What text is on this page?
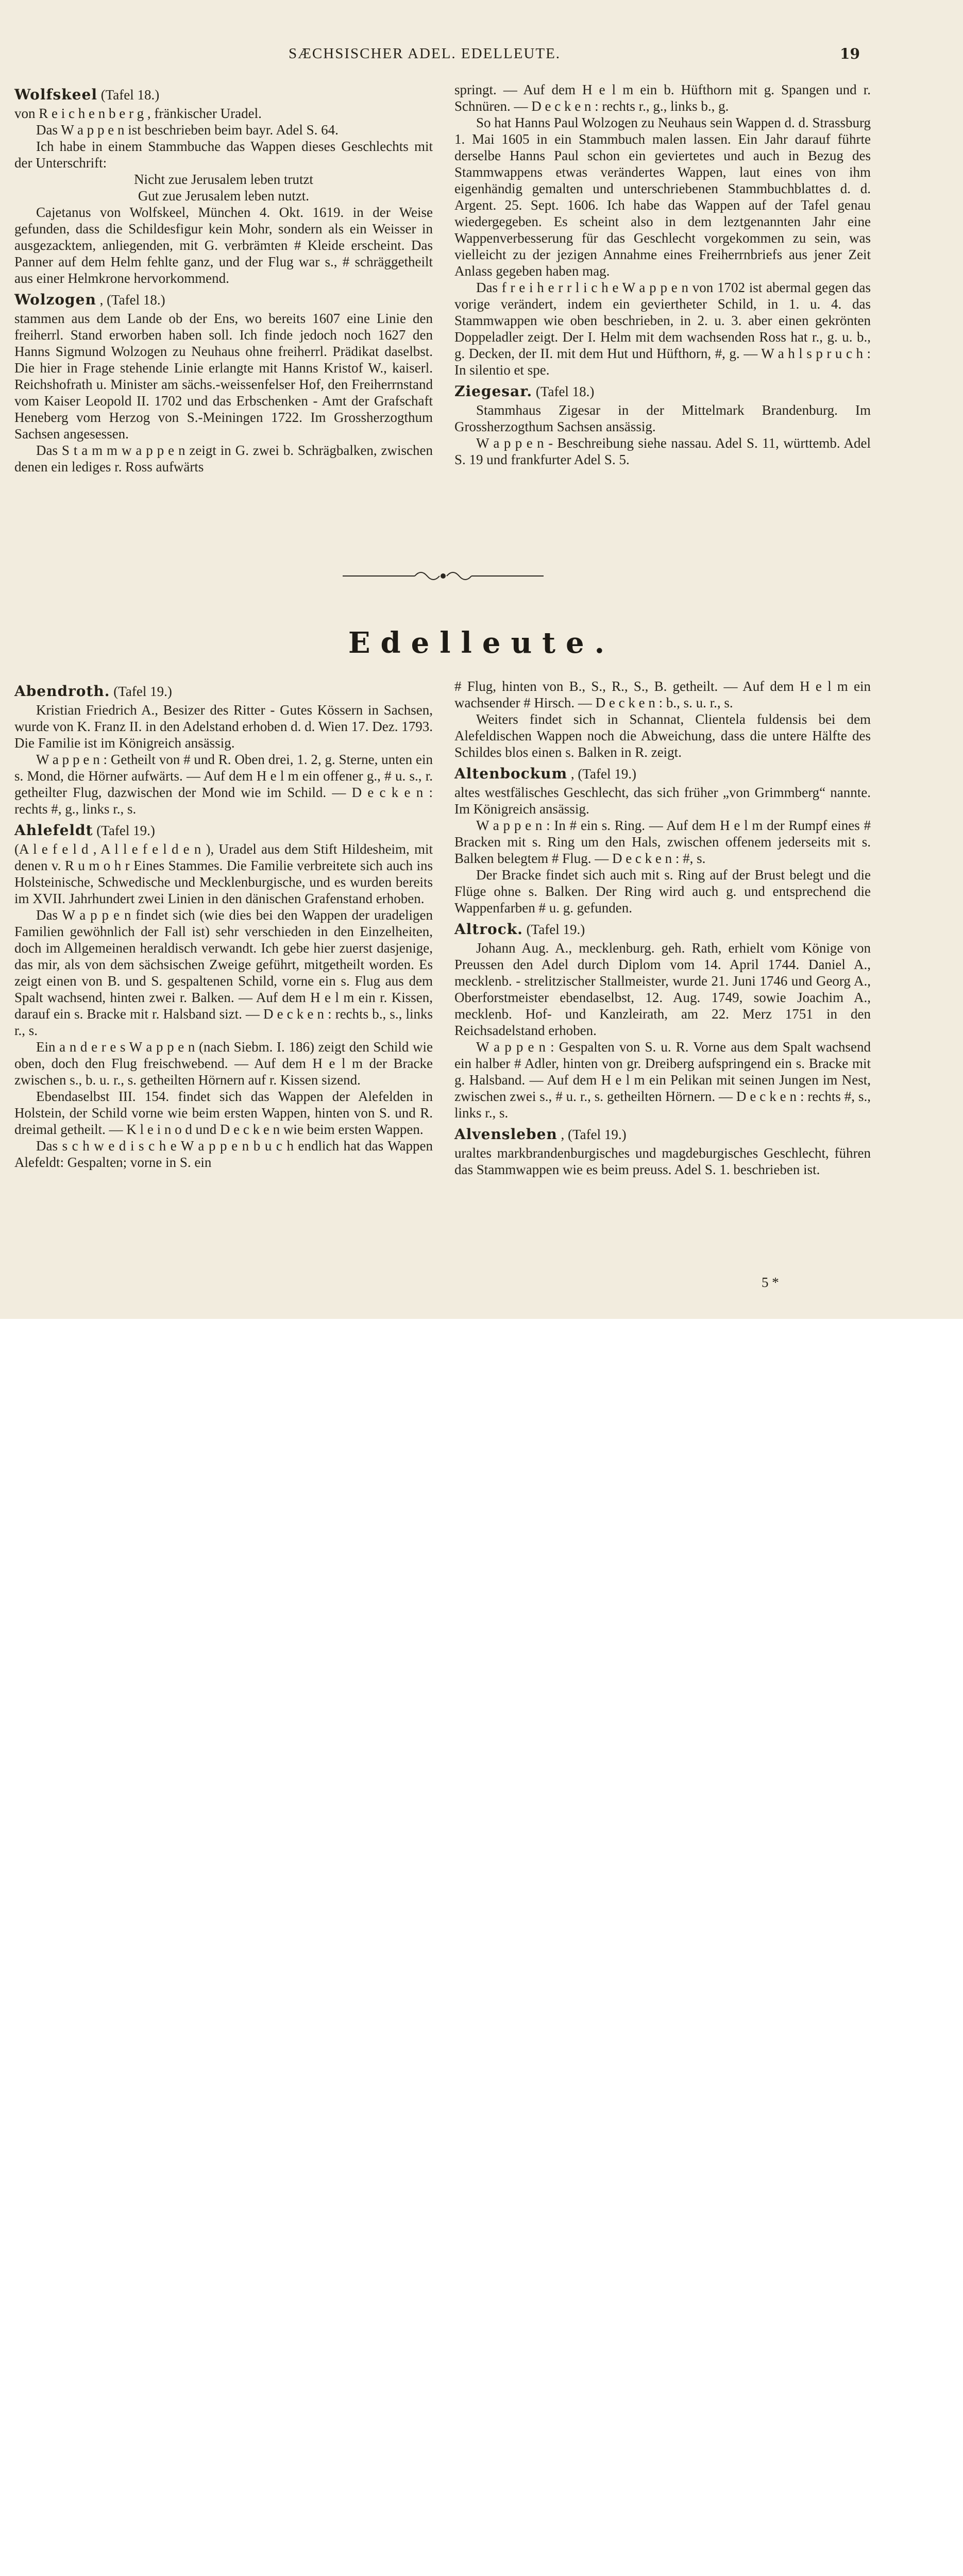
SÆCHSISCHER ADEL. EDELLEUTE.	19

Wolfskeel (Tafel 18.)

von R e i c h e n b e r g , fränkischer Uradel.

Das W a p p e n ist beschrieben beim bayr. Adel S. 64.

Ich habe in einem Stammbuche das Wappen dieses Geschlechts mit der Unterschrift:

Nicht zue Jerusalem leben trutzt

Gut zue Jerusalem leben nutzt.

Cajetanus von Wolfskeel, München 4. Okt. 1619. in der Weise gefunden, dass die Schildesfigur kein Mohr, sondern als ein Weisser in ausgezacktem, anliegenden, mit G. verbrämten # Kleide erscheint. Das Panner auf dem Helm fehlte ganz, und der Flug war s., # schräggetheilt aus einer Helmkrone hervorkommend.

Wolzogen , (Tafel 18.)

stammen aus dem Lande ob der Ens, wo bereits 1607 eine Linie den freiherrl. Stand erworben haben soll. Ich finde jedoch noch 1627 den Hanns Sigmund Wolzogen zu Neuhaus ohne freiherrl. Prädikat daselbst. Die hier in Frage stehende Linie erlangte mit Hanns Kristof W., kaiserl. Reichshofrath u. Minister am sächs.-weissenfelser Hof, den Freiherrnstand vom Kaiser Leopold II. 1702 und das Erbschenken - Amt der Grafschaft Heneberg vom Herzog von S.-Meiningen 1722. Im Grossherzogthum Sachsen angesessen.

Das S t a m m w a p p e n zeigt in G. zwei b. Schrägbalken, zwischen denen ein lediges r. Ross aufwärts

springt. — Auf dem H e l m ein b. Hüfthorn mit g. Spangen und r. Schnüren. — D e c k e n : rechts r., g., links b., g.

So hat Hanns Paul Wolzogen zu Neuhaus sein Wappen d. d. Strassburg 1. Mai 1605 in ein Stammbuch malen lassen. Ein Jahr darauf führte derselbe Hanns Paul schon ein geviertetes und auch in Bezug des Stammwappens etwas verändertes Wappen, laut eines von ihm eigenhändig gemalten und unterschriebenen Stammbuchblattes d. d. Argent. 25. Sept. 1606. Ich habe das Wappen auf der Tafel genau wiedergegeben. Es scheint also in dem leztgenannten Jahr eine Wappenverbesserung für das Geschlecht vorgekommen zu sein, was vielleicht zu der jezigen Annahme eines Freiherrnbriefs aus jener Zeit Anlass gegeben haben mag.

Das f r e i h e r r l i c h e W a p p e n von 1702 ist abermal gegen das vorige verändert, indem ein geviertheter Schild, in 1. u. 4. das Stammwappen wie oben beschrieben, in 2. u. 3. aber einen gekrönten Doppeladler zeigt. Der I. Helm mit dem wachsenden Ross hat r., g. u. b., g. Decken, der II. mit dem Hut und Hüfthorn, #, g. — W a h l s p r u c h : In silentio et spe.

Ziegesar. (Tafel 18.)

Stammhaus Zigesar in der Mittelmark Brandenburg. Im Grossherzogthum Sachsen ansässig.

W a p p e n - Beschreibung siehe nassau. Adel S. 11, württemb. Adel S. 19 und frankfurter Adel S. 5.

Edelleute.

Abendroth. (Tafel 19.)

Kristian Friedrich A., Besizer des Ritter - Gutes Kössern in Sachsen, wurde von K. Franz II. in den Adelstand erhoben d. d. Wien 17. Dez. 1793. Die Familie ist im Königreich ansässig.

W a p p e n : Getheilt von # und R. Oben drei, 1. 2, g. Sterne, unten ein s. Mond, die Hörner aufwärts. — Auf dem H e l m ein offener g., # u. s., r. getheilter Flug, dazwischen der Mond wie im Schild. — D e c k e n : rechts #, g., links r., s.

Ahlefeldt (Tafel 19.)

(A l e f e l d , A l l e f e l d e n ), Uradel aus dem Stift Hildesheim, mit denen v. R u m o h r Eines Stammes. Die Familie verbreitete sich auch ins Holsteinische, Schwedische und Mecklenburgische, und es wurden bereits im XVII. Jahrhundert zwei Linien in den dänischen Grafenstand erhoben.

Das W a p p e n findet sich (wie dies bei den Wappen der uradeligen Familien gewöhnlich der Fall ist) sehr verschieden in den Einzelheiten, doch im Allgemeinen heraldisch verwandt. Ich gebe hier zuerst dasjenige, das mir, als von dem sächsischen Zweige geführt, mitgetheilt worden. Es zeigt einen von B. und S. gespaltenen Schild, vorne ein s. Flug aus dem Spalt wachsend, hinten zwei r. Balken. — Auf dem H e l m ein r. Kissen, darauf ein s. Bracke mit r. Halsband sizt. — D e c k e n : rechts b., s., links r., s.

Ein a n d e r e s W a p p e n (nach Siebm. I. 186) zeigt den Schild wie oben, doch den Flug freischwebend. — Auf dem H e l m der Bracke zwischen s., b. u. r., s. getheilten Hörnern auf r. Kissen sizend.

Ebendaselbst III. 154. findet sich das Wappen der Alefelden in Holstein, der Schild vorne wie beim ersten Wappen, hinten von S. und R. dreimal getheilt. — K l e i n o d und D e c k e n wie beim ersten Wappen.

Das s c h w e d i s c h e W a p p e n b u c h endlich hat das Wappen Alefeldt: Gespalten; vorne in S. ein

# Flug, hinten von B., S., R., S., B. getheilt. — Auf dem H e l m ein wachsender # Hirsch. — D e c k e n : b., s. u. r., s.

Weiters findet sich in Schannat, Clientela fuldensis bei dem Alefeldischen Wappen noch die Abweichung, dass die untere Hälfte des Schildes blos einen s. Balken in R. zeigt.

Altenbockum , (Tafel 19.)

altes westfälisches Geschlecht, das sich früher „von Grimmberg“ nannte. Im Königreich ansässig.

W a p p e n : In # ein s. Ring. — Auf dem H e l m der Rumpf eines # Bracken mit s. Ring um den Hals, zwischen offenem jederseits mit s. Balken belegtem # Flug. — D e c k e n : #, s.

Der Bracke findet sich auch mit s. Ring auf der Brust belegt und die Flüge ohne s. Balken. Der Ring wird auch g. und entsprechend die Wappenfarben # u. g. gefunden.

Altrock. (Tafel 19.)

Johann Aug. A., mecklenburg. geh. Rath, erhielt vom Könige von Preussen den Adel durch Diplom vom 14. April 1744. Daniel A., mecklenb. - strelitzischer Stallmeister, wurde 21. Juni 1746 und Georg A., Oberforstmeister ebendaselbst, 12. Aug. 1749, sowie Joachim A., mecklenb. Hof- und Kanzleirath, am 22. Merz 1751 in den Reichsadelstand erhoben.

W a p p e n : Gespalten von S. u. R. Vorne aus dem Spalt wachsend ein halber # Adler, hinten von gr. Dreiberg aufspringend ein s. Bracke mit g. Halsband. — Auf dem H e l m ein Pelikan mit seinen Jungen im Nest, zwischen zwei s., # u. r., s. getheilten Hörnern. — D e c k e n : rechts #, s., links r., s.

Alvensleben , (Tafel 19.)

uraltes markbrandenburgisches und magdeburgisches Geschlecht, führen das Stammwappen wie es beim preuss. Adel S. 1. beschrieben ist.

5 *
